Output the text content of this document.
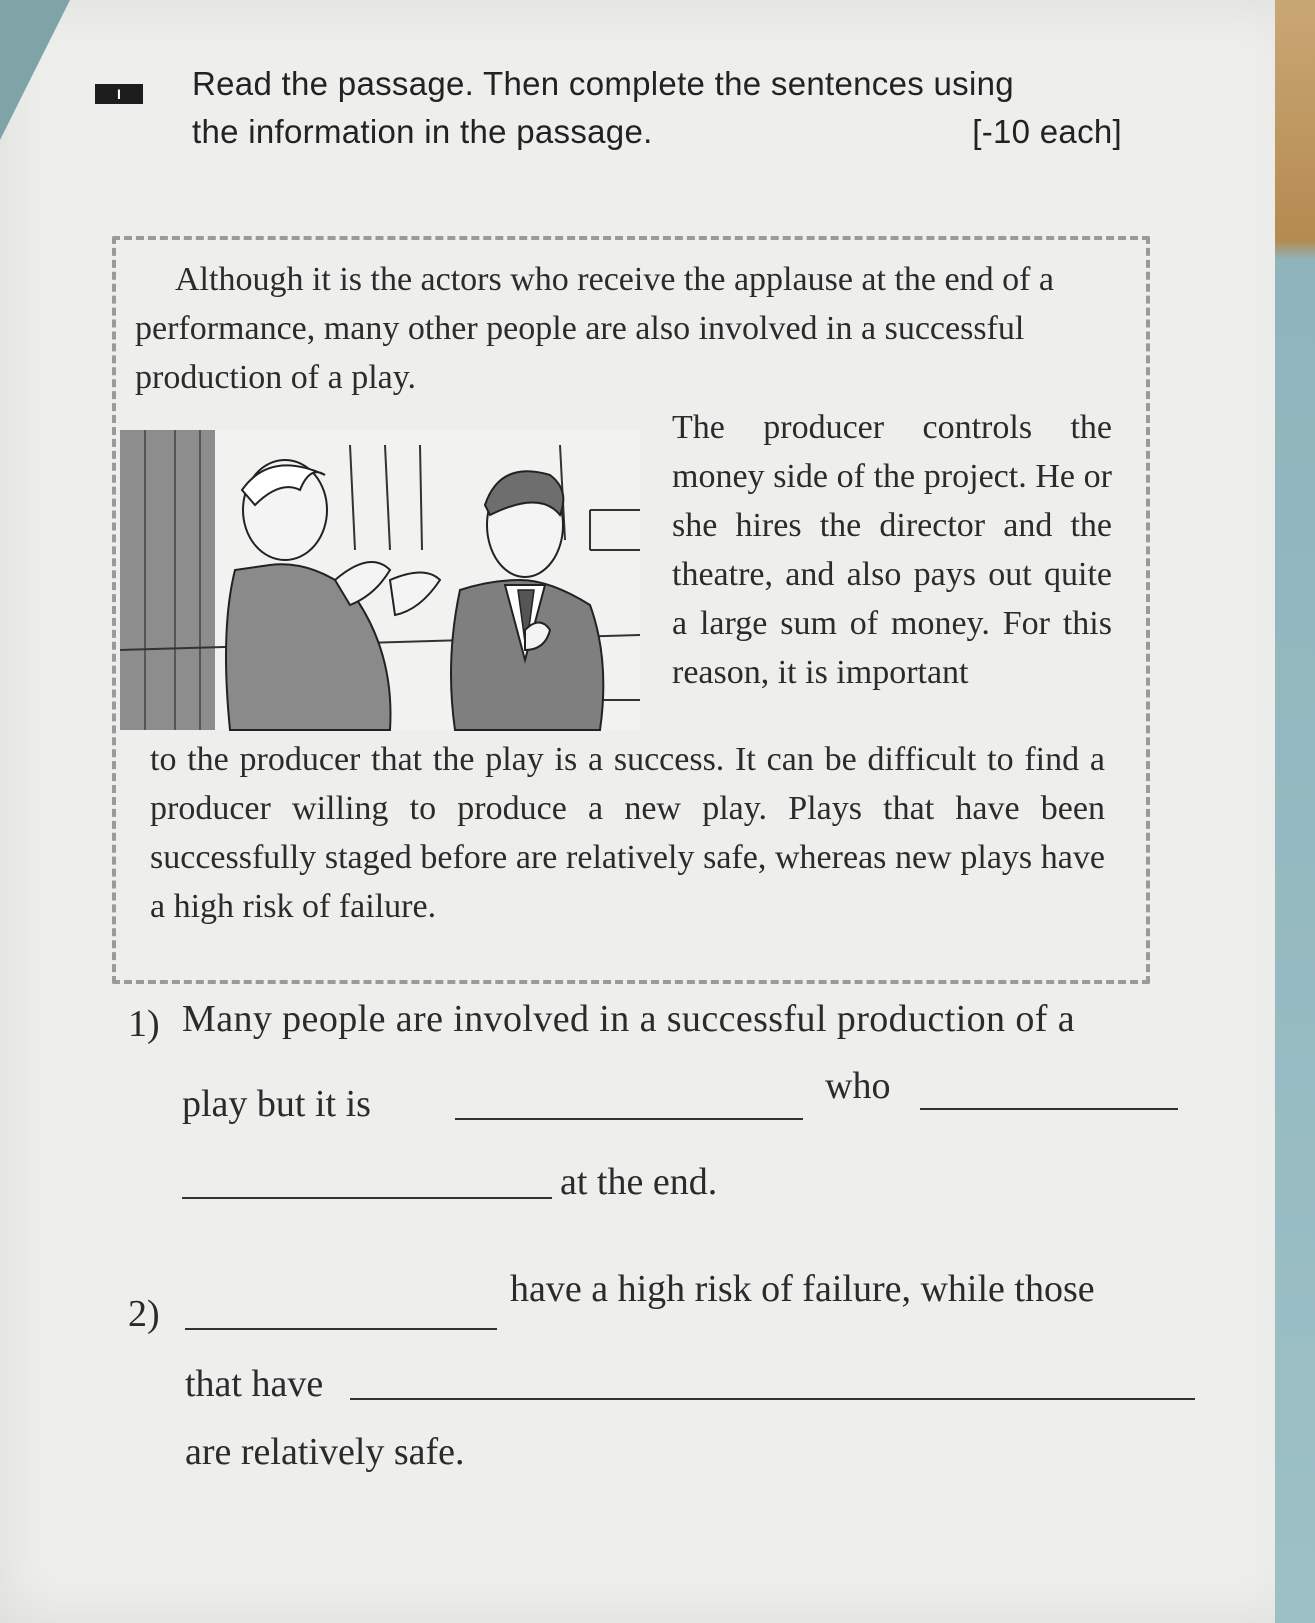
I	Read the passage. Then complete the sentences using
the information in the passage.	[-10 each]
Although it is the actors who receive the applause at the end of a performance, many other people are also involved in a successful production of a play.
The producer controls the money side of the project. He or she hires the director and the theatre, and also pays out quite a large sum of money. For this reason, it is important
to the producer that the play is a success. It can be difficult to find a producer willing to produce a new play. Plays that have been successfully staged before are relatively safe, whereas new plays have a high risk of failure.
1) Many people are involved in a successful production of a
play but it is	who
at the end.
2)
have a high risk of failure, while those
that have
are relatively safe.
